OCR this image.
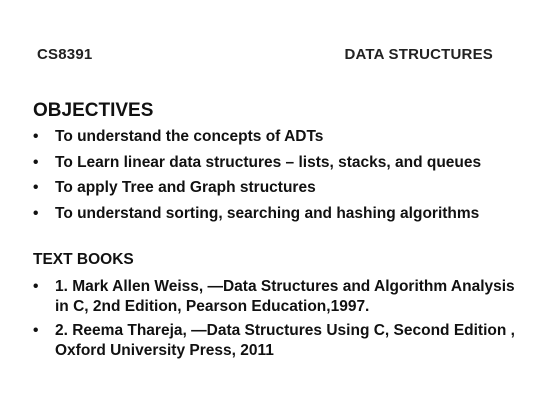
CS8391	DATA STRUCTURES
OBJECTIVES
• To understand the concepts of ADTs
• To Learn linear data structures – lists, stacks, and queues
• To apply Tree and Graph structures
• To understand sorting, searching and hashing algorithms
TEXT BOOKS
• 1. Mark Allen Weiss, —Data Structures and Algorithm Analysis
in C, 2nd Edition, Pearson Education,1997.
• 2. Reema Thareja, —Data Structures Using C, Second Edition ,
Oxford University Press, 2011
